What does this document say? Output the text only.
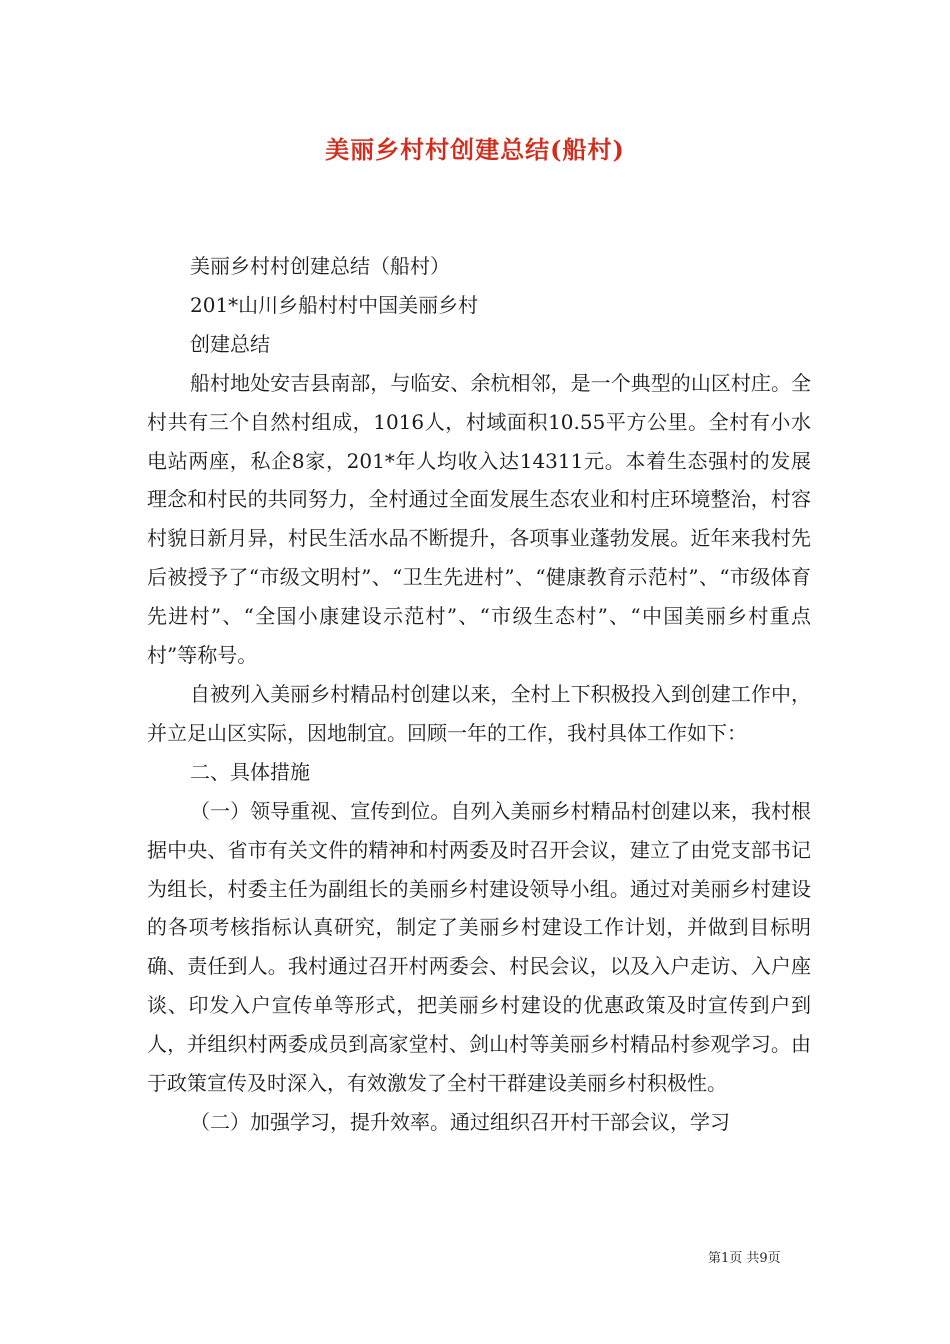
美丽乡村村创建总结(船村)

美丽乡村村创建总结（船村）

201*山川乡船村村中国美丽乡村

创建总结

船村地处安吉县南部，与临安、余杭相邻，是一个典型的山区村庄。全村共有三个自然村组成，1016人，村域面积10.55平方公里。全村有小水电站两座，私企8家，201*年人均收入达14311元。本着生态强村的发展理念和村民的共同努力，全村通过全面发展生态农业和村庄环境整治，村容村貌日新月异，村民生活水品不断提升，各项事业蓬勃发展。近年来我村先后被授予了“市级文明村”、“卫生先进村”、“健康教育示范村”、“市级体育先进村”、“全国小康建设示范村”、“市级生态村”、“中国美丽乡村重点村”等称号。

自被列入美丽乡村精品村创建以来，全村上下积极投入到创建工作中，并立足山区实际，因地制宜。回顾一年的工作，我村具体工作如下：

二、具体措施

（一）领导重视、宣传到位。自列入美丽乡村精品村创建以来，我村根据中央、省市有关文件的精神和村两委及时召开会议，建立了由党支部书记为组长，村委主任为副组长的美丽乡村建设领导小组。通过对美丽乡村建设的各项考核指标认真研究，制定了美丽乡村建设工作计划，并做到目标明确、责任到人。我村通过召开村两委会、村民会议，以及入户走访、入户座谈、印发入户宣传单等形式，把美丽乡村建设的优惠政策及时宣传到户到人，并组织村两委成员到高家堂村、剑山村等美丽乡村精品村参观学习。由于政策宣传及时深入，有效激发了全村干群建设美丽乡村积极性。

（二）加强学习，提升效率。通过组织召开村干部会议，学习

第1页 共9页
